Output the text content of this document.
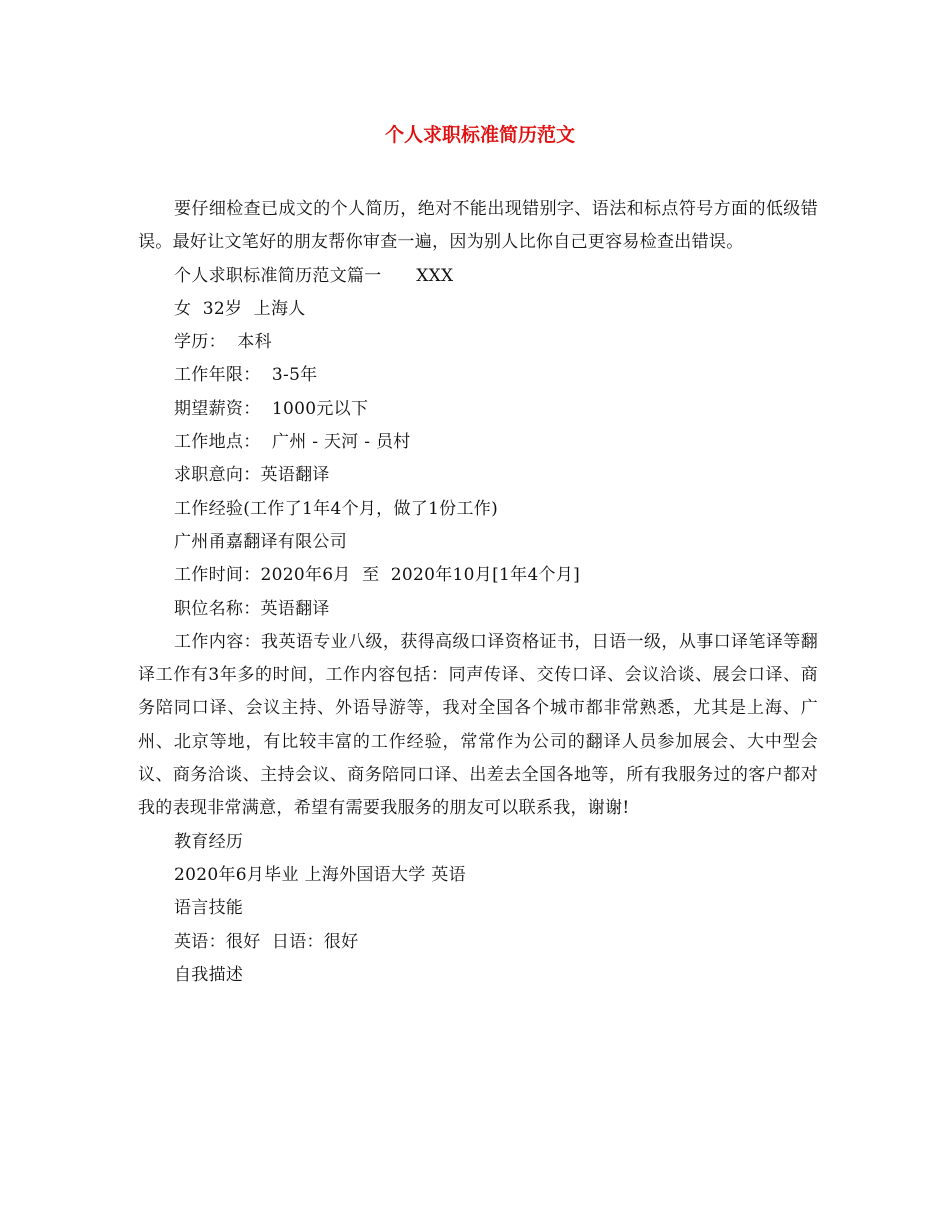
个人求职标准简历范文

要仔细检查已成文的个人简历，绝对不能出现错别字、语法和标点符号方面的低级错误。最好让文笔好的朋友帮你审查一遍，因为别人比你自己更容易检查出错误。

个人求职标准简历范文篇一　　XXX

女  32岁  上海人

学历：  本科

工作年限：  3-5年

期望薪资：  1000元以下

工作地点：  广州 - 天河 - 员村

求职意向：英语翻译

工作经验(工作了1年4个月，做了1份工作)

广州甬嘉翻译有限公司

工作时间：2020年6月  至  2020年10月[1年4个月]

职位名称：英语翻译

工作内容：我英语专业八级，获得高级口译资格证书，日语一级，从事口译笔译等翻译工作有3年多的时间，工作内容包括：同声传译、交传口译、会议洽谈、展会口译、商务陪同口译、会议主持、外语导游等，我对全国各个城市都非常熟悉，尤其是上海、广州、北京等地，有比较丰富的工作经验，常常作为公司的翻译人员参加展会、大中型会议、商务洽谈、主持会议、商务陪同口译、出差去全国各地等，所有我服务过的客户都对我的表现非常满意，希望有需要我服务的朋友可以联系我，谢谢!

教育经历

2020年6月毕业 上海外国语大学 英语

语言技能

英语：很好  日语：很好

自我描述
